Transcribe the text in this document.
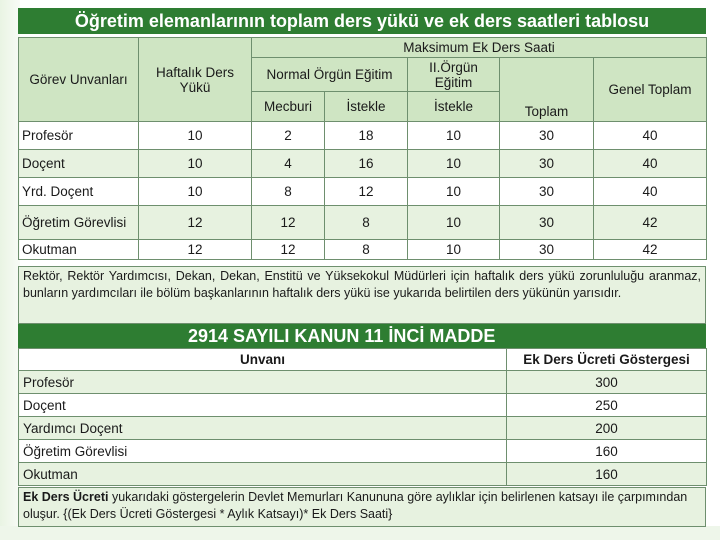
Öğretim elemanlarının toplam ders yükü ve ek ders saatleri tablosu
Görev Unvanları	Haftalık Ders Yükü	Maksimum Ek Ders Saati				
		Normal Örgün Eğitim		II.Örgün Eğitim	Toplam	Genel Toplam
		Mecburi	İstekle	İstekle		
Profesör	10	2	18	10	30	40
Doçent	10	4	16	10	30	40
Yrd. Doçent	10	8	12	10	30	40
Öğretim Görevlisi	12	12	8	10	30	42
Okutman	12	12	8	10	30	42
Rektör, Rektör Yardımcısı, Dekan, Dekan, Enstitü ve Yüksekokul Müdürleri için haftalık ders yükü zorunluluğu aranmaz, bunların yardımcıları ile bölüm başkanlarının haftalık ders yükü ise yukarıda belirtilen ders yükünün yarısıdır.
2914 SAYILI KANUN 11 İNCİ MADDE
Unvanı	Ek Ders Ücreti Göstergesi
Profesör	300
Doçent	250
Yardımcı Doçent	200
Öğretim Görevlisi	160
Okutman	160
Ek Ders Ücreti yukarıdaki göstergelerin Devlet Memurları Kanununa göre aylıklar için belirlenen katsayı ile çarpımından oluşur. {(Ek Ders Ücreti Göstergesi * Aylık Katsayı)* Ek Ders Saati}
